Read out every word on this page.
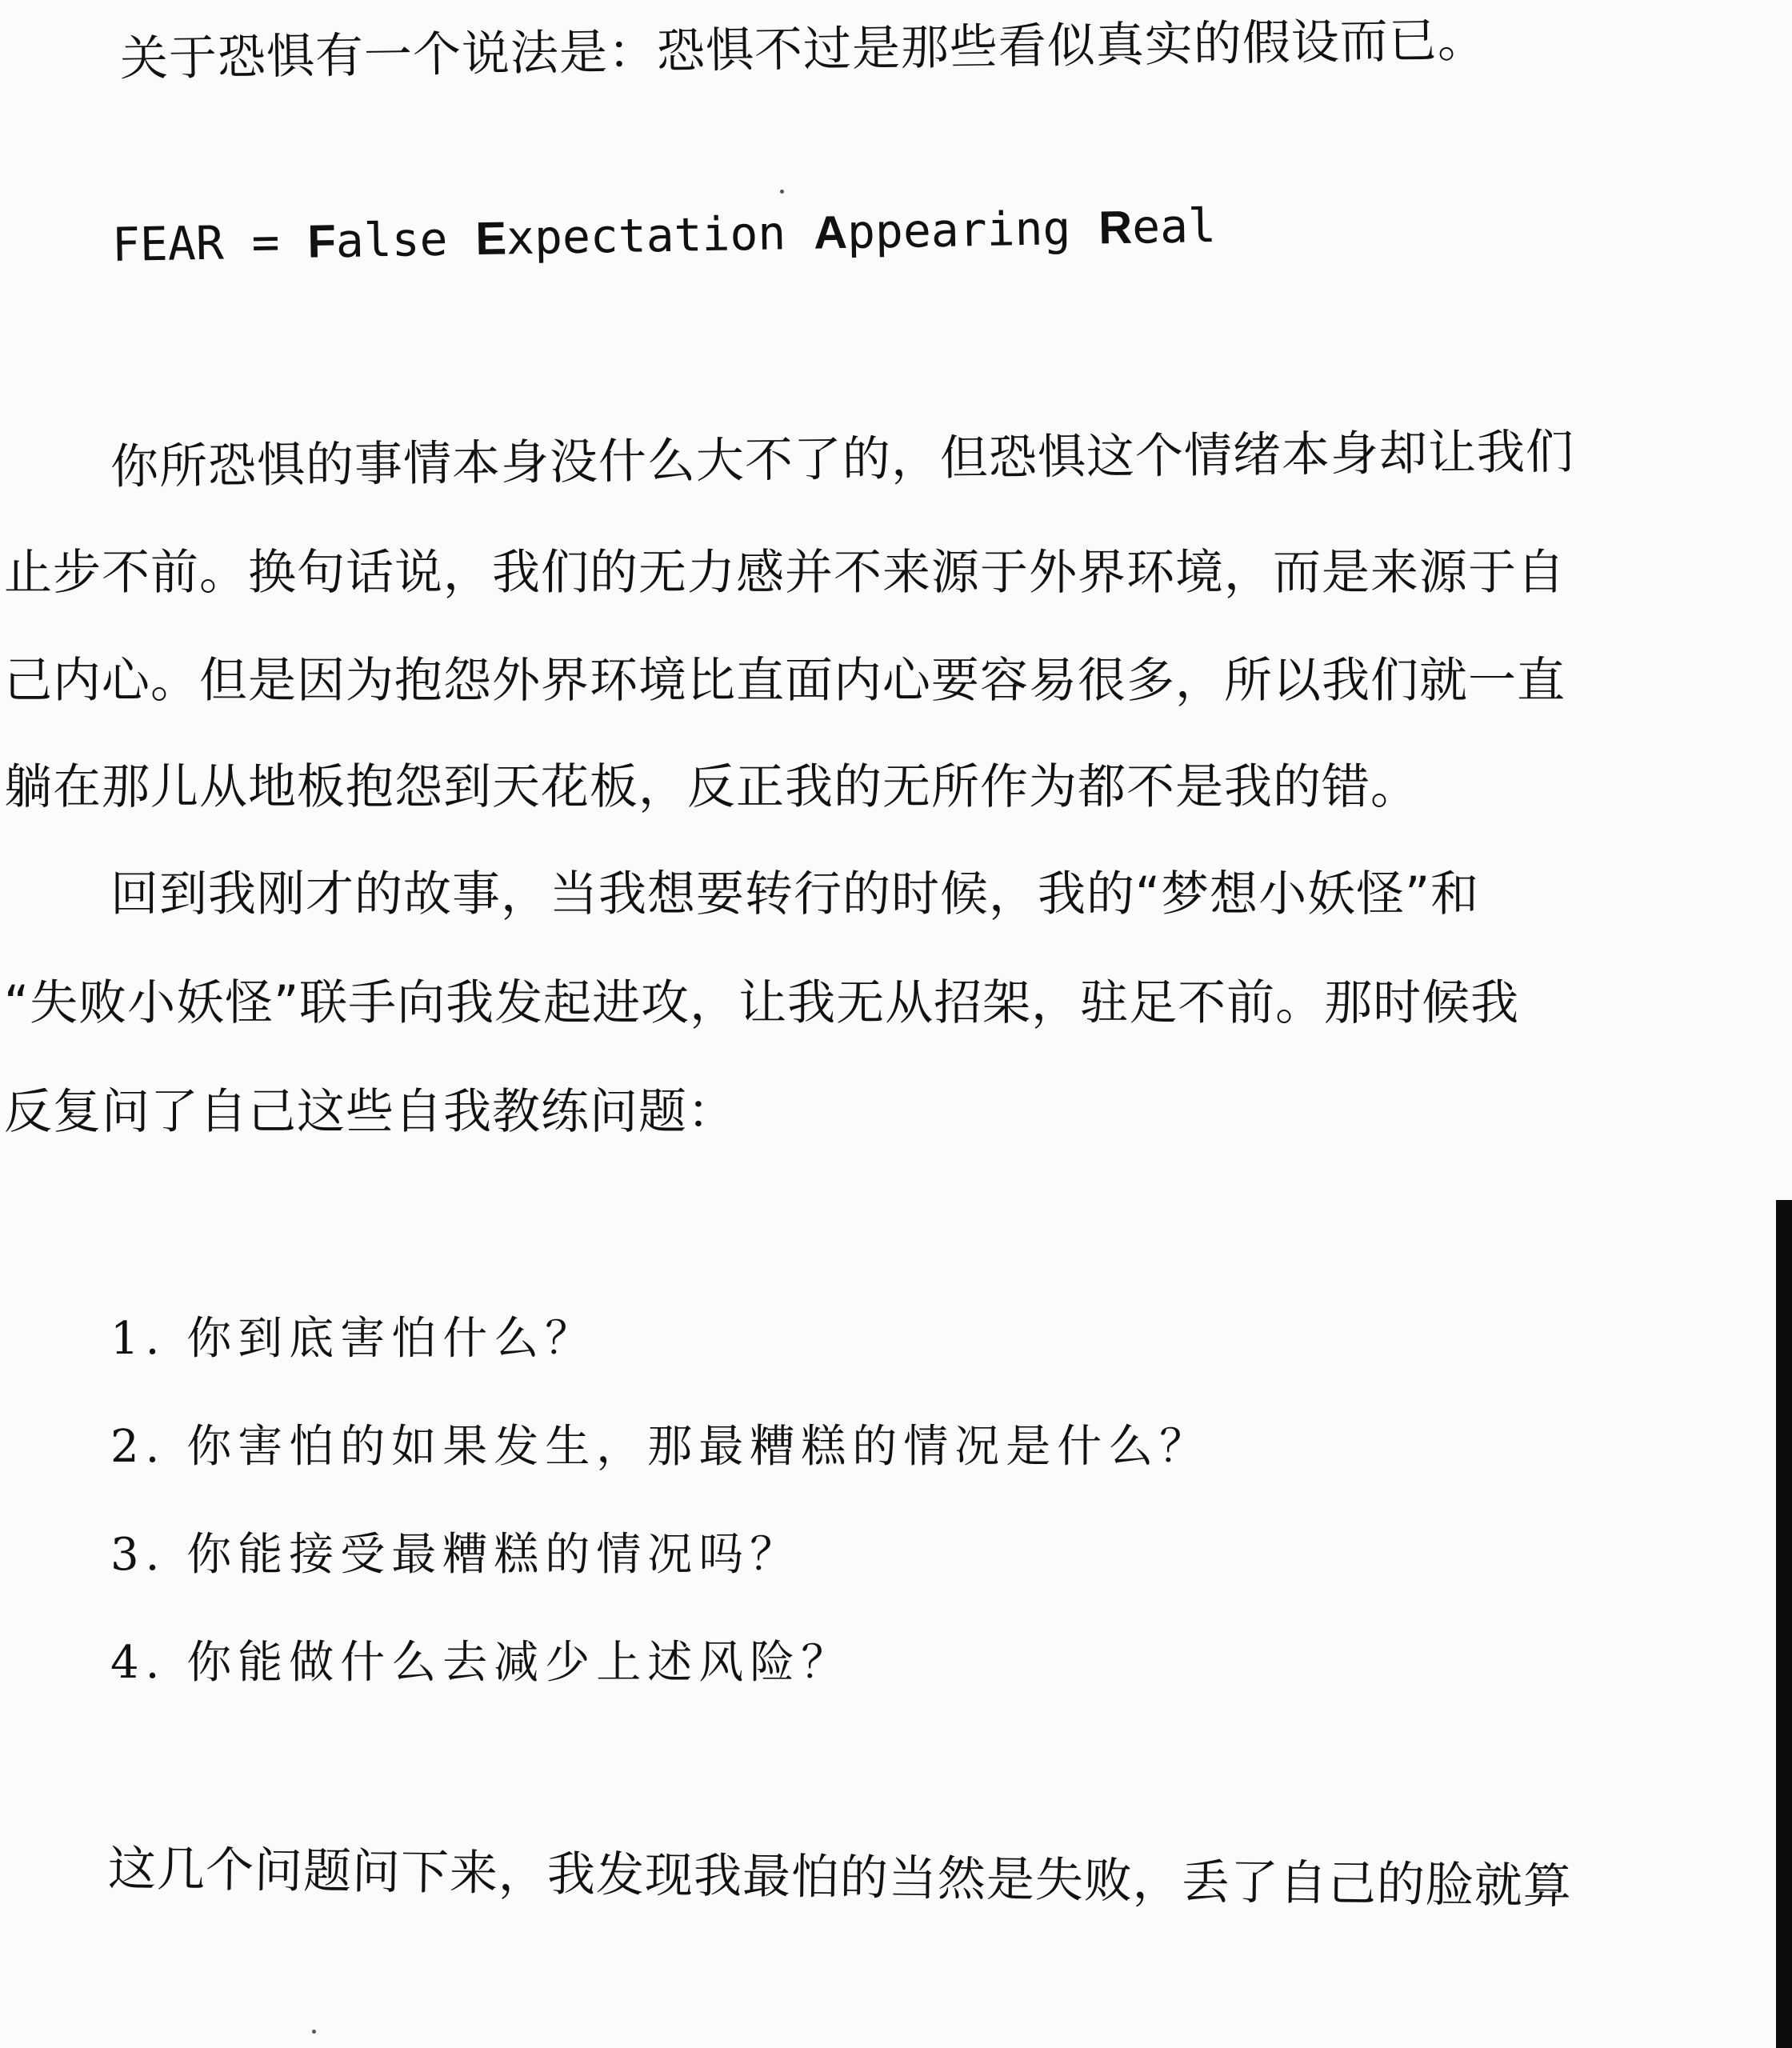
关于恐惧有一个说法是：恐惧不过是那些看似真实的假设而已。
FEAR = False Expectation Appearing Real
你所恐惧的事情本身没什么大不了的，但恐惧这个情绪本身却让我们
止步不前。换句话说，我们的无力感并不来源于外界环境，而是来源于自
己内心。但是因为抱怨外界环境比直面内心要容易很多，所以我们就一直
躺在那儿从地板抱怨到天花板，反正我的无所作为都不是我的错。
回到我刚才的故事，当我想要转行的时候，我的“梦想小妖怪”和
“失败小妖怪”联手向我发起进攻，让我无从招架，驻足不前。那时候我
反复问了自己这些自我教练问题：
1. 你到底害怕什么？
2. 你害怕的如果发生，那最糟糕的情况是什么？
3. 你能接受最糟糕的情况吗？
4. 你能做什么去减少上述风险？
这几个问题问下来，我发现我最怕的当然是失败，丢了自己的脸就算
